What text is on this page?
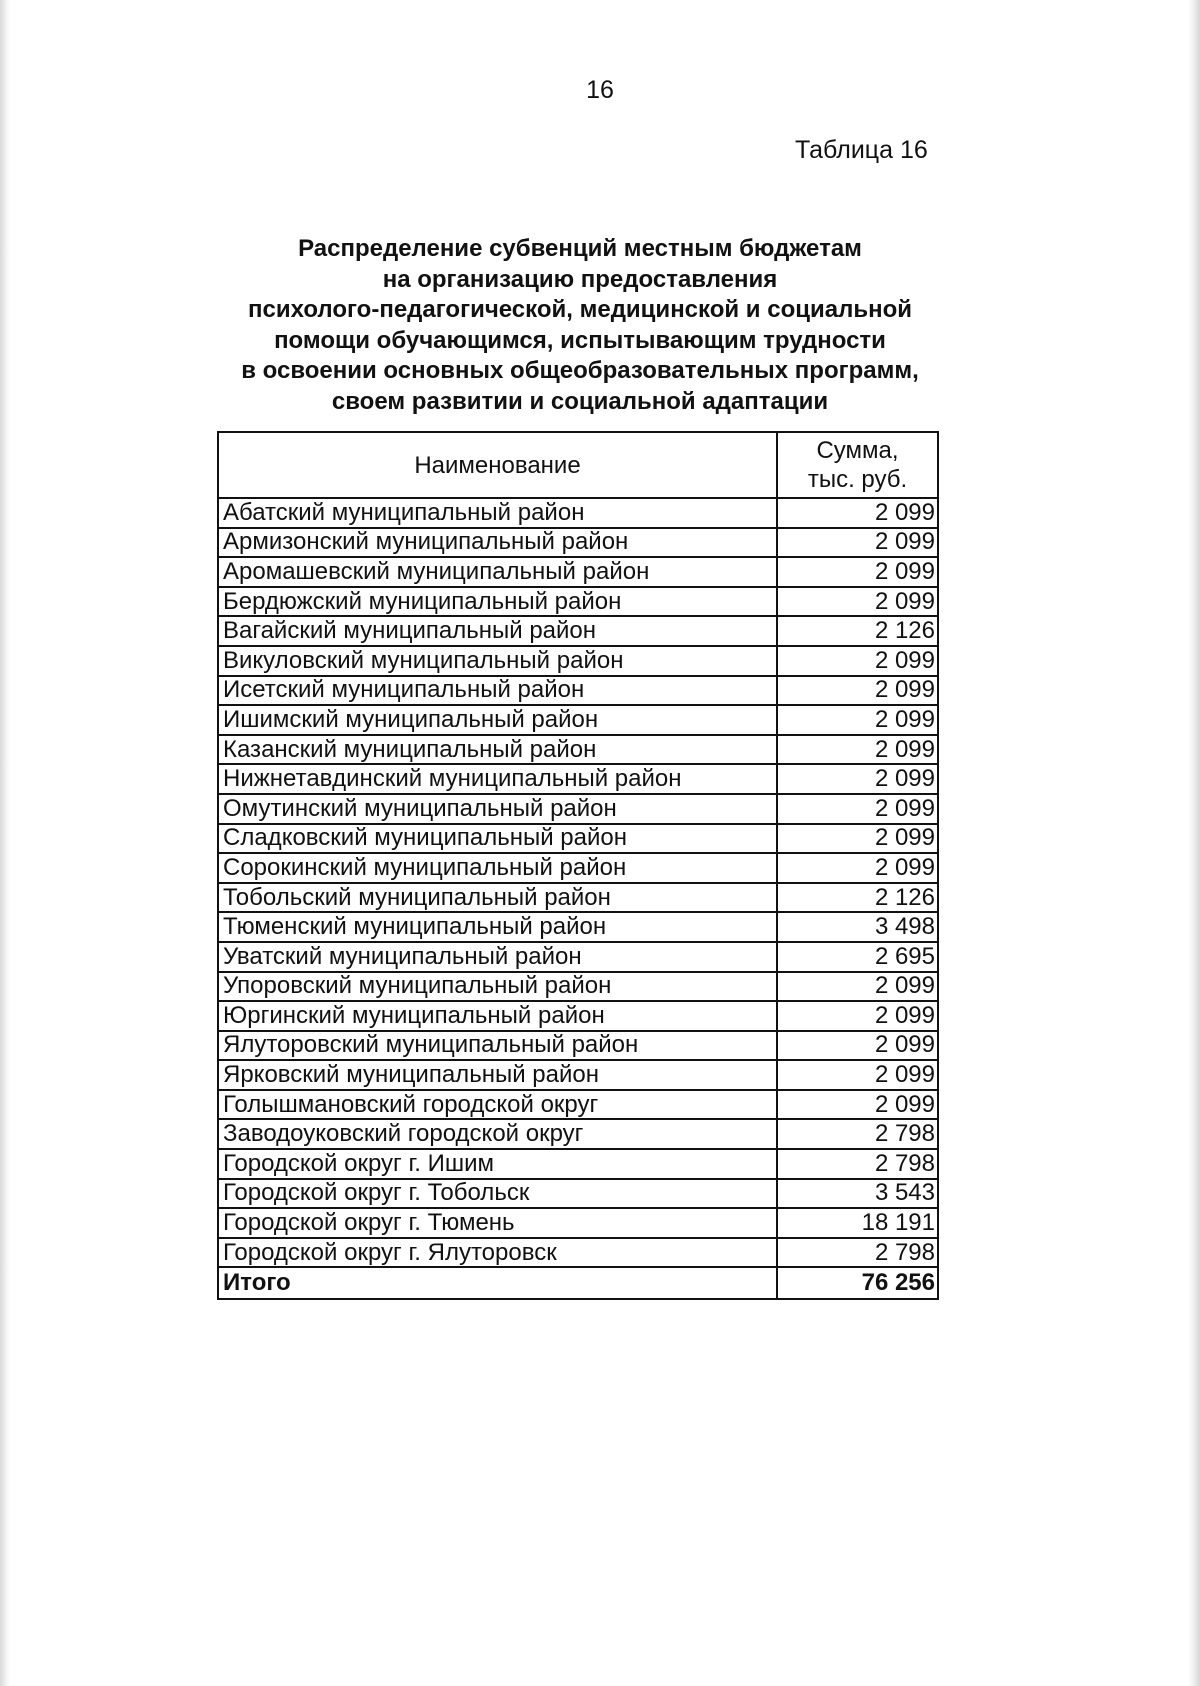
16
Таблица 16
Распределение субвенций местным бюджетам
на организацию предоставления
психолого-педагогической, медицинской и социальной
помощи обучающимся, испытывающим трудности
в освоении основных общеобразовательных программ,
своем развитии и социальной адаптации
Наименование	Сумма,
тыс. руб.
Абатский муниципальный район	2 099
Армизонский муниципальный район	2 099
Аромашевский муниципальный район	2 099
Бердюжский муниципальный район	2 099
Вагайский муниципальный район	2 126
Викуловский муниципальный район	2 099
Исетский муниципальный район	2 099
Ишимский муниципальный район	2 099
Казанский муниципальный район	2 099
Нижнетавдинский муниципальный район	2 099
Омутинский муниципальный район	2 099
Сладковский муниципальный район	2 099
Сорокинский муниципальный район	2 099
Тобольский муниципальный район	2 126
Тюменский муниципальный район	3 498
Уватский муниципальный район	2 695
Упоровский муниципальный район	2 099
Юргинский муниципальный район	2 099
Ялуторовский муниципальный район	2 099
Ярковский муниципальный район	2 099
Голышмановский городской округ	2 099
Заводоуковский городской округ	2 798
Городской округ г. Ишим	2 798
Городской округ г. Тобольск	3 543
Городской округ г. Тюмень	18 191
Городской округ г. Ялуторовск	2 798
Итого	76 256
